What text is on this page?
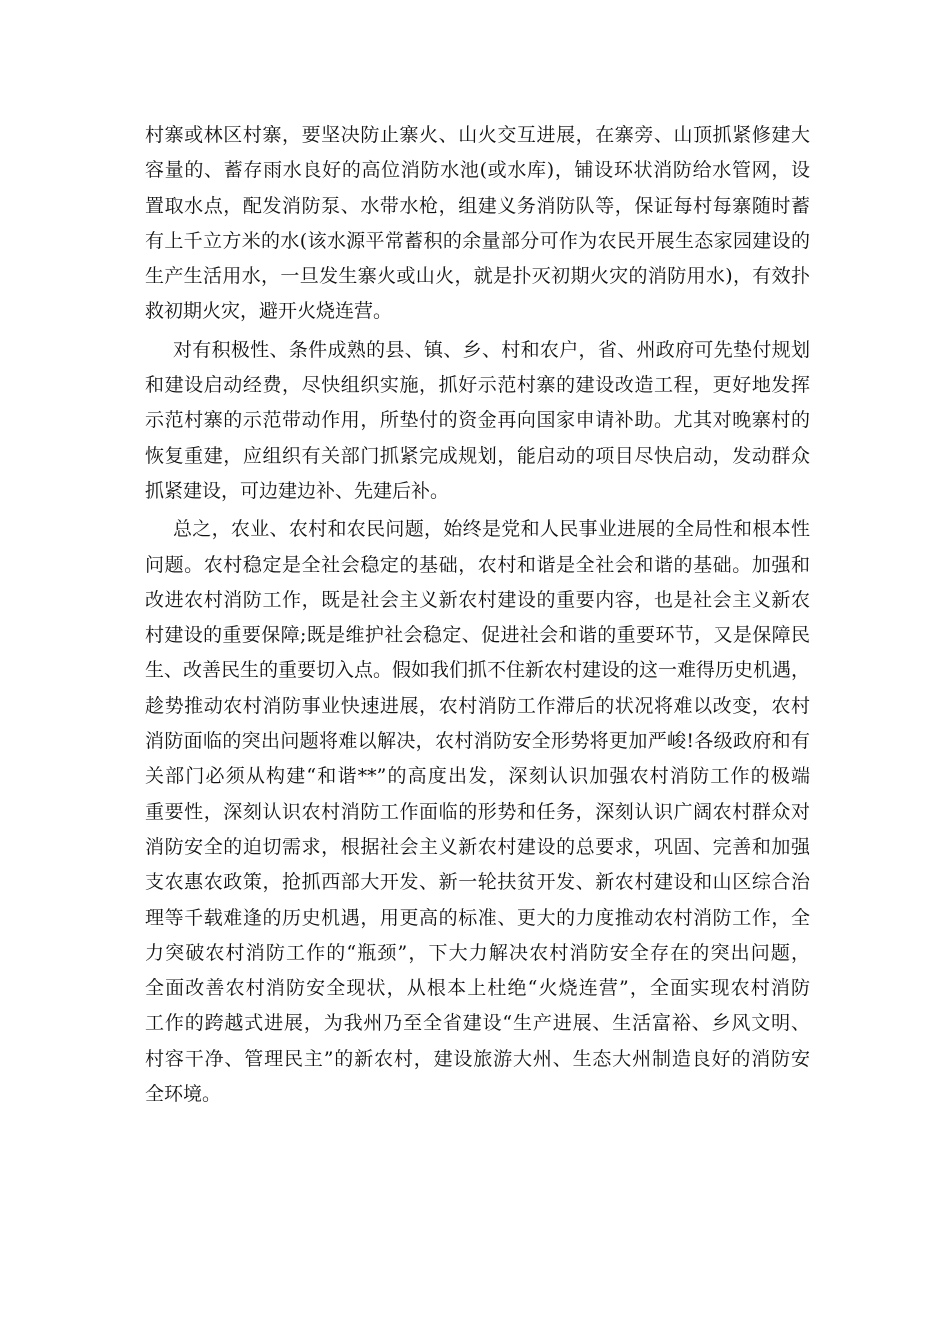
村寨或林区村寨，要坚决防止寨火、山火交互进展，在寨旁、山顶抓紧修建大
容量的、蓄存雨水良好的高位消防水池(或水库)，铺设环状消防给水管网，设
置取水点，配发消防泵、水带水枪，组建义务消防队等，保证每村每寨随时蓄
有上千立方米的水(该水源平常蓄积的余量部分可作为农民开展生态家园建设的
生产生活用水，一旦发生寨火或山火，就是扑灭初期火灾的消防用水)，有效扑
救初期火灾，避开火烧连营。

对有积极性、条件成熟的县、镇、乡、村和农户，省、州政府可先垫付规划
和建设启动经费，尽快组织实施，抓好示范村寨的建设改造工程，更好地发挥
示范村寨的示范带动作用，所垫付的资金再向国家申请补助。尤其对晚寨村的
恢复重建，应组织有关部门抓紧完成规划，能启动的项目尽快启动，发动群众
抓紧建设，可边建边补、先建后补。

总之，农业、农村和农民问题，始终是党和人民事业进展的全局性和根本性
问题。农村稳定是全社会稳定的基础，农村和谐是全社会和谐的基础。加强和
改进农村消防工作，既是社会主义新农村建设的重要内容，也是社会主义新农
村建设的重要保障;既是维护社会稳定、促进社会和谐的重要环节，又是保障民
生、改善民生的重要切入点。假如我们抓不住新农村建设的这一难得历史机遇，
趁势推动农村消防事业快速进展，农村消防工作滞后的状况将难以改变，农村
消防面临的突出问题将难以解决，农村消防安全形势将更加严峻!各级政府和有
关部门必须从构建“和谐**”的高度出发，深刻认识加强农村消防工作的极端
重要性，深刻认识农村消防工作面临的形势和任务，深刻认识广阔农村群众对
消防安全的迫切需求，根据社会主义新农村建设的总要求，巩固、完善和加强
支农惠农政策，抢抓西部大开发、新一轮扶贫开发、新农村建设和山区综合治
理等千载难逢的历史机遇，用更高的标准、更大的力度推动农村消防工作，全
力突破农村消防工作的“瓶颈”，下大力解决农村消防安全存在的突出问题，
全面改善农村消防安全现状，从根本上杜绝“火烧连营”，全面实现农村消防
工作的跨越式进展，为我州乃至全省建设“生产进展、生活富裕、乡风文明、
村容干净、管理民主”的新农村，建设旅游大州、生态大州制造良好的消防安
全环境。
